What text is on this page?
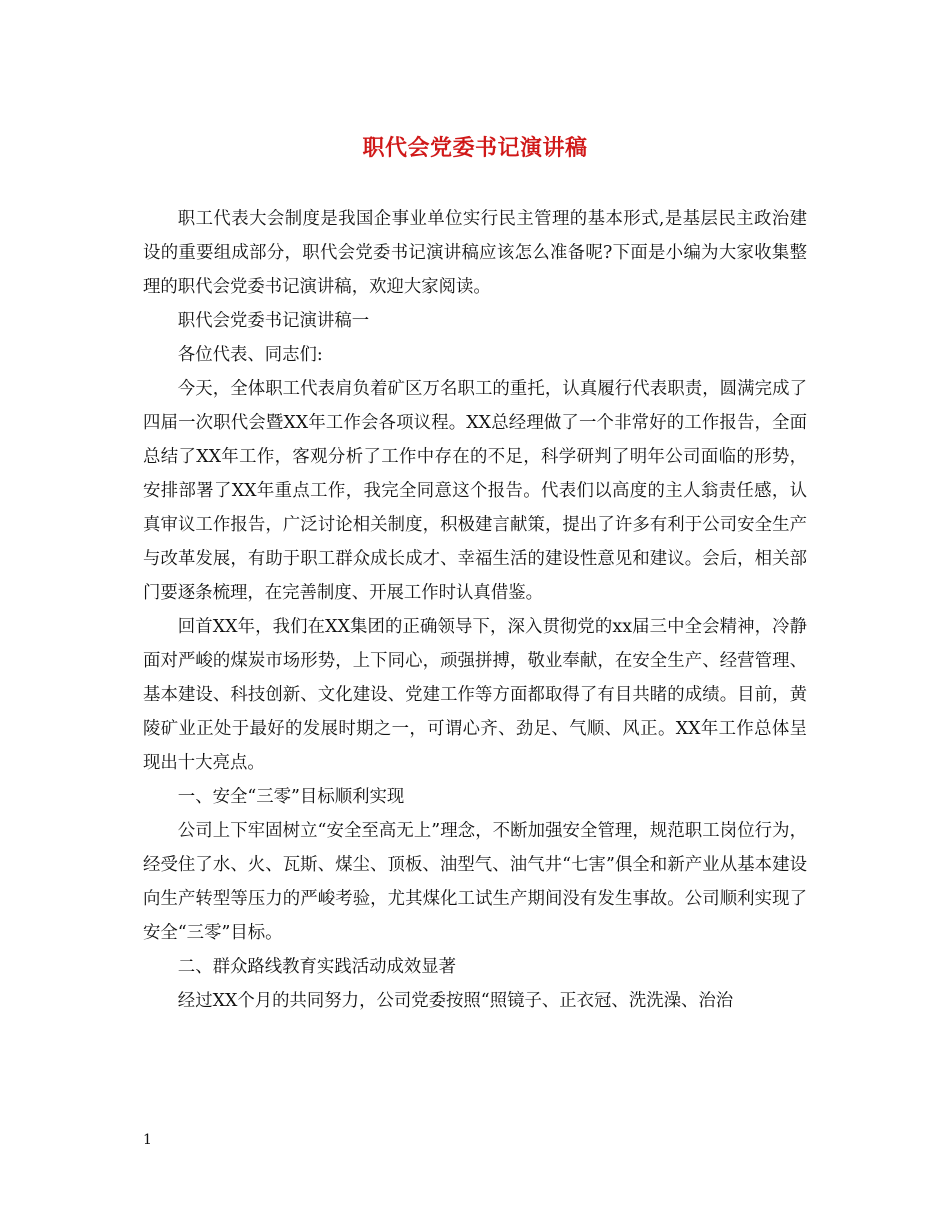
职代会党委书记演讲稿

职工代表大会制度是我国企事业单位实行民主管理的基本形式,是基层民主政治建设的重要组成部分，职代会党委书记演讲稿应该怎么准备呢?下面是小编为大家收集整理的职代会党委书记演讲稿，欢迎大家阅读。

职代会党委书记演讲稿一

各位代表、同志们:

今天，全体职工代表肩负着矿区万名职工的重托，认真履行代表职责，圆满完成了四届一次职代会暨XX年工作会各项议程。XX总经理做了一个非常好的工作报告，全面总结了XX年工作，客观分析了工作中存在的不足，科学研判了明年公司面临的形势，安排部署了XX年重点工作，我完全同意这个报告。代表们以高度的主人翁责任感，认真审议工作报告，广泛讨论相关制度，积极建言献策，提出了许多有利于公司安全生产与改革发展，有助于职工群众成长成才、幸福生活的建设性意见和建议。会后，相关部门要逐条梳理，在完善制度、开展工作时认真借鉴。

回首XX年，我们在XX集团的正确领导下，深入贯彻党的xx届三中全会精神，冷静面对严峻的煤炭市场形势，上下同心，顽强拼搏，敬业奉献，在安全生产、经营管理、基本建设、科技创新、文化建设、党建工作等方面都取得了有目共睹的成绩。目前，黄陵矿业正处于最好的发展时期之一，可谓心齐、劲足、气顺、风正。XX年工作总体呈现出十大亮点。

一、安全“三零”目标顺利实现

公司上下牢固树立“安全至高无上”理念，不断加强安全管理，规范职工岗位行为，经受住了水、火、瓦斯、煤尘、顶板、油型气、油气井“七害”俱全和新产业从基本建设向生产转型等压力的严峻考验，尤其煤化工试生产期间没有发生事故。公司顺利实现了安全“三零”目标。

二、群众路线教育实践活动成效显著

经过XX个月的共同努力，公司党委按照“照镜子、正衣冠、洗洗澡、治治

1
